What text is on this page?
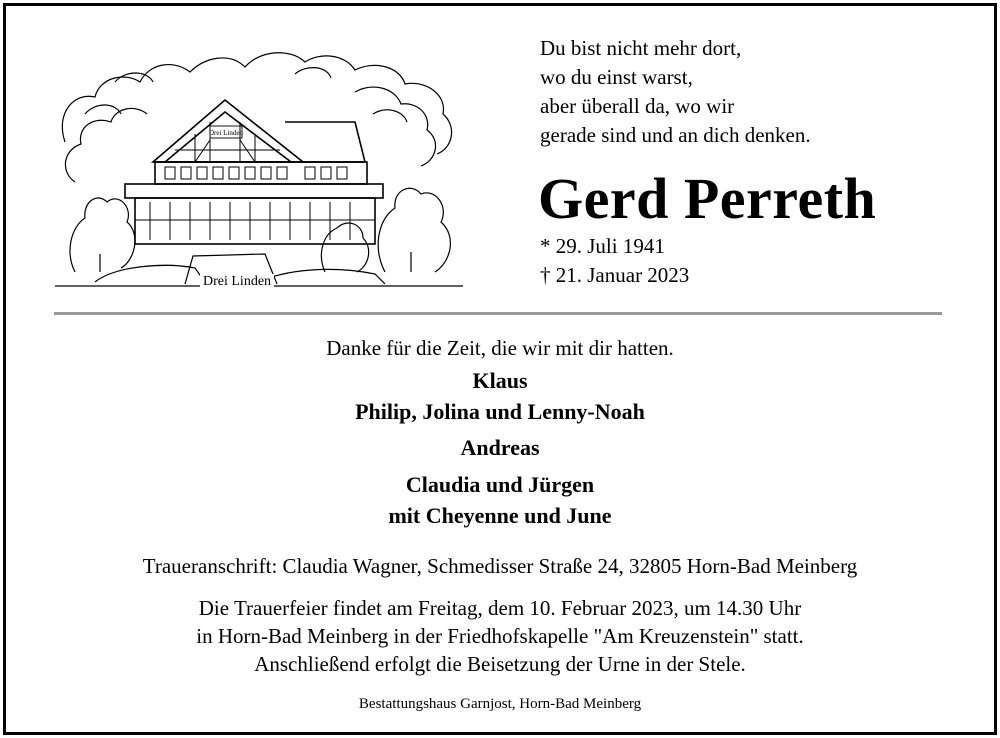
Drei Linden
Drei Linden
Du bist nicht mehr dort,
wo du einst warst,
aber überall da, wo wir
gerade sind und an dich denken.
Gerd Perreth
* 29. Juli 1941
† 21. Januar 2023
Danke für die Zeit, die wir mit dir hatten.
Klaus
Philip, Jolina und Lenny-Noah
Andreas
Claudia und Jürgen
mit Cheyenne und June
Traueranschrift: Claudia Wagner, Schmedisser Straße 24, 32805 Horn-Bad Meinberg
Die Trauerfeier findet am Freitag, dem 10. Februar 2023, um 14.30 Uhr
in Horn-Bad Meinberg in der Friedhofskapelle "Am Kreuzenstein" statt.
Anschließend erfolgt die Beisetzung der Urne in der Stele.
Bestattungshaus Garnjost, Horn-Bad Meinberg
